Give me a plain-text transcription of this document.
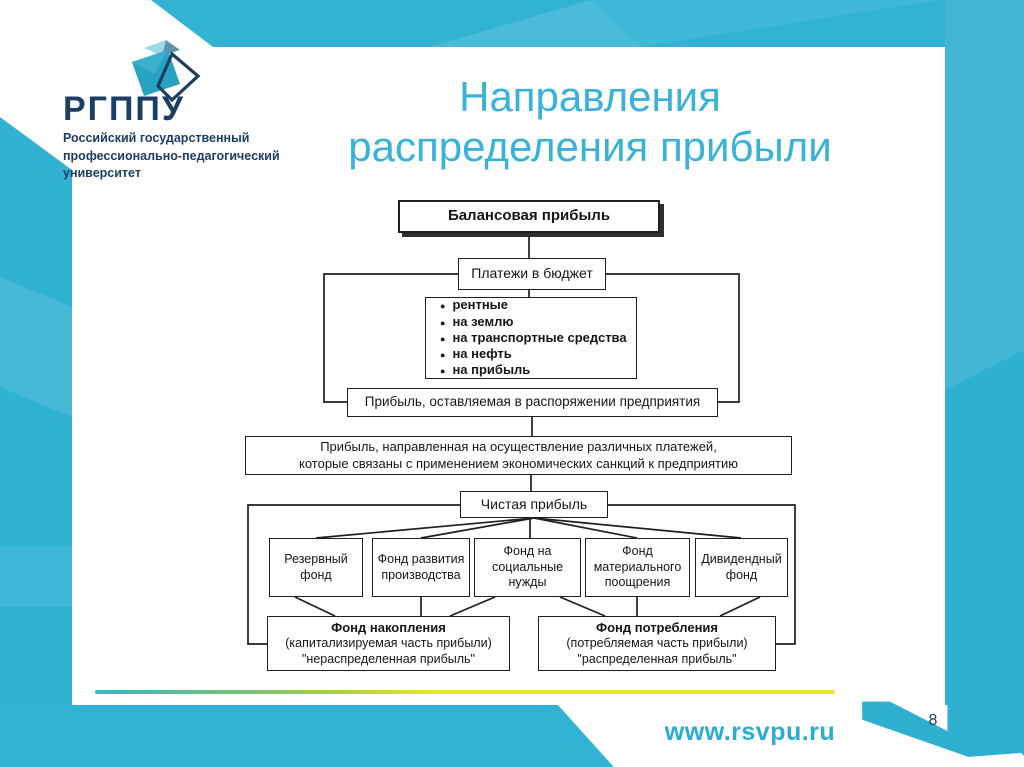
www.rsvpu.ru	8
РГППУ
Российский государственный
профессионально-педагогический
университет
Направления
распределения прибыли
Балансовая прибыль
Платежи в бюджет
● рентные
● на землю
● на транспортные средства
● на нефть
● на прибыль
Прибыль, оставляемая в распоряжении предприятия
Прибыль, направленная на осуществление различных платежей,
которые связаны с применением экономических санкций к предприятию
Чистая прибыль
Резервный фонд
Фонд развития производства
Фонд на социальные нужды
Фонд материального поощрения
Дивидендный фонд
Фонд накопления
(капитализируемая часть прибыли)
"нераспределенная прибыль"
Фонд потребления
(потребляемая часть прибыли)
"распределенная прибыль"
